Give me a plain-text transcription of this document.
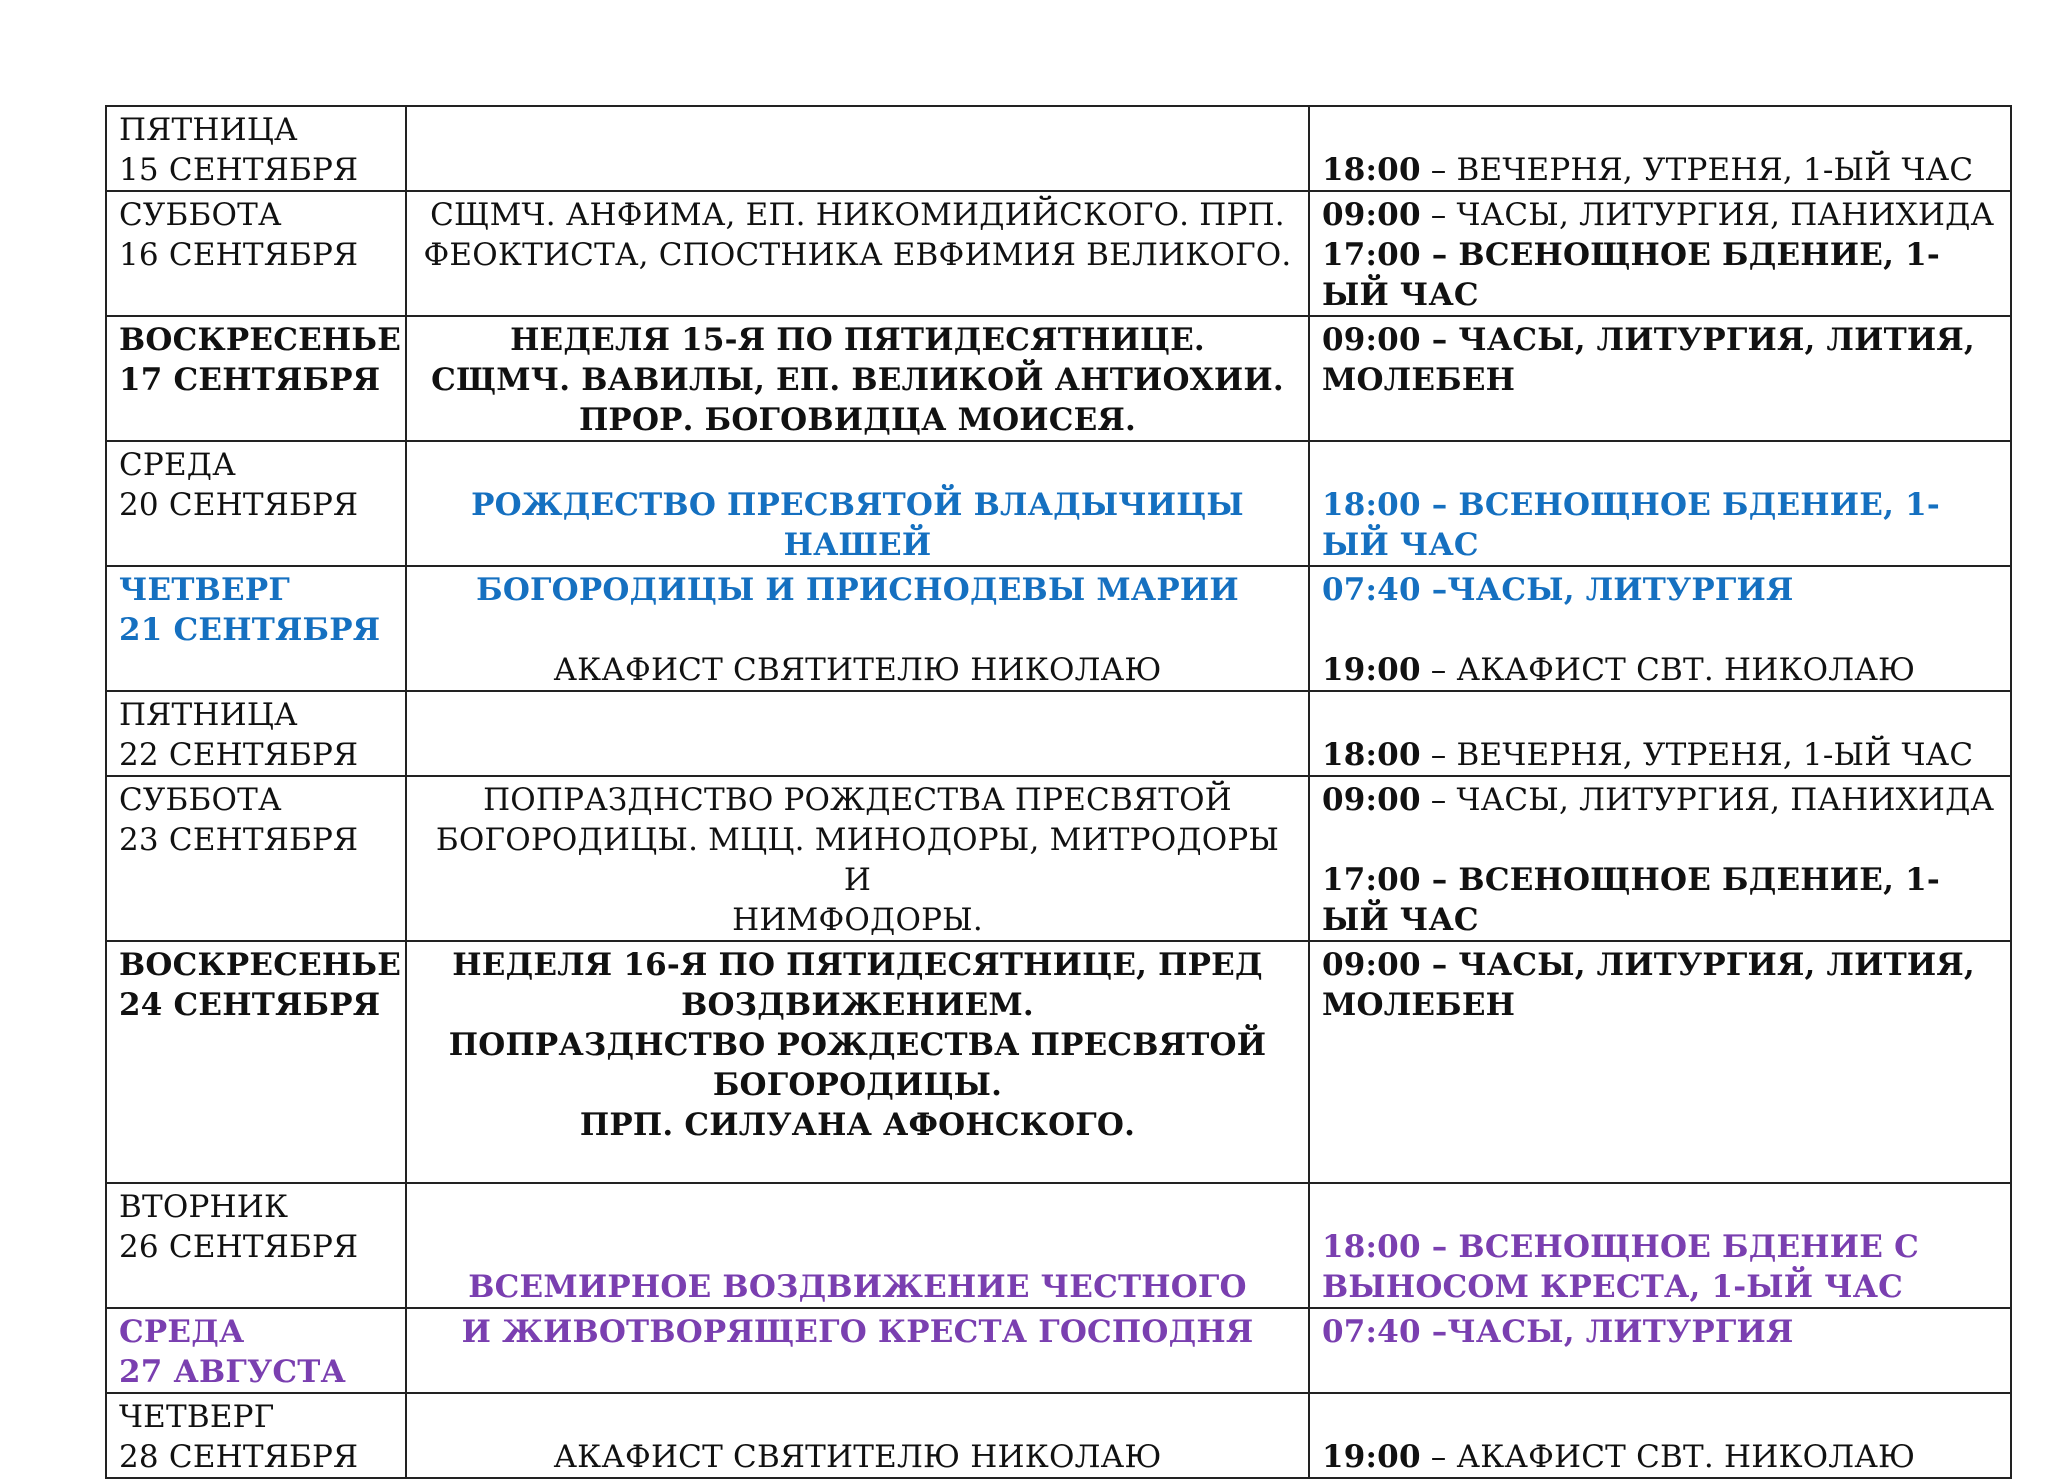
ПЯТНИЦА
15 СЕНТЯБРЯ		18:00 – ВЕЧЕРНЯ, УТРЕНЯ, 1-ЫЙ ЧАС

СУББОТА
16 СЕНТЯБРЯ	СЩМЧ. АНФИМА, ЕП. НИКОМИДИЙСКОГО. ПРП.
ФЕОКТИСТА, СПОСТНИКА ЕВФИМИЯ ВЕЛИКОГО.	09:00 – ЧАСЫ, ЛИТУРГИЯ, ПАНИХИДА
17:00 – ВСЕНОЩНОЕ БДЕНИЕ, 1-ЫЙ ЧАС

ВОСКРЕСЕНЬЕ
17 СЕНТЯБРЯ	НЕДЕЛЯ 15-Я ПО ПЯТИДЕСЯТНИЦЕ.
СЩМЧ. ВАВИЛЫ, ЕП. ВЕЛИКОЙ АНТИОХИИ.
ПРОР. БОГОВИДЦА МОИСЕЯ.	09:00 – ЧАСЫ, ЛИТУРГИЯ, ЛИТИЯ,
МОЛЕБЕН

СРЕДА
20 СЕНТЯБРЯ	РОЖДЕСТВО ПРЕСВЯТОЙ ВЛАДЫЧИЦЫ НАШЕЙ	18:00 – ВСЕНОЩНОЕ БДЕНИЕ, 1-ЫЙ ЧАС

ЧЕТВЕРГ
21 СЕНТЯБРЯ	БОГОРОДИЦЫ И ПРИСНОДЕВЫ МАРИИ
АКАФИСТ СВЯТИТЕЛЮ НИКОЛАЮ	07:40 –ЧАСЫ, ЛИТУРГИЯ
19:00 – АКАФИСТ СВТ. НИКОЛАЮ

ПЯТНИЦА
22 СЕНТЯБРЯ		18:00 – ВЕЧЕРНЯ, УТРЕНЯ, 1-ЫЙ ЧАС

СУББОТА
23 СЕНТЯБРЯ	ПОПРАЗДНСТВО РОЖДЕСТВА ПРЕСВЯТОЙ
БОГОРОДИЦЫ. МЦЦ. МИНОДОРЫ, МИТРОДОРЫ И
НИМФОДОРЫ.	09:00 – ЧАСЫ, ЛИТУРГИЯ, ПАНИХИДА
17:00 – ВСЕНОЩНОЕ БДЕНИЕ, 1-ЫЙ ЧАС

ВОСКРЕСЕНЬЕ
24 СЕНТЯБРЯ	НЕДЕЛЯ 16-Я ПО ПЯТИДЕСЯТНИЦЕ, ПРЕД
ВОЗДВИЖЕНИЕМ.
ПОПРАЗДНСТВО РОЖДЕСТВА ПРЕСВЯТОЙ
БОГОРОДИЦЫ.
ПРП. СИЛУАНА АФОНСКОГО.	09:00 – ЧАСЫ, ЛИТУРГИЯ, ЛИТИЯ,
МОЛЕБЕН

ВТОРНИК
26 СЕНТЯБРЯ	ВСЕМИРНОЕ ВОЗДВИЖЕНИЕ ЧЕСТНОГО	18:00 – ВСЕНОЩНОЕ БДЕНИЕ С
ВЫНОСОМ КРЕСТА, 1-ЫЙ ЧАС

СРЕДА
27 АВГУСТА	И ЖИВОТВОРЯЩЕГО КРЕСТА ГОСПОДНЯ	07:40 –ЧАСЫ, ЛИТУРГИЯ

ЧЕТВЕРГ
28 СЕНТЯБРЯ	АКАФИСТ СВЯТИТЕЛЮ НИКОЛАЮ	19:00 – АКАФИСТ СВТ. НИКОЛАЮ
